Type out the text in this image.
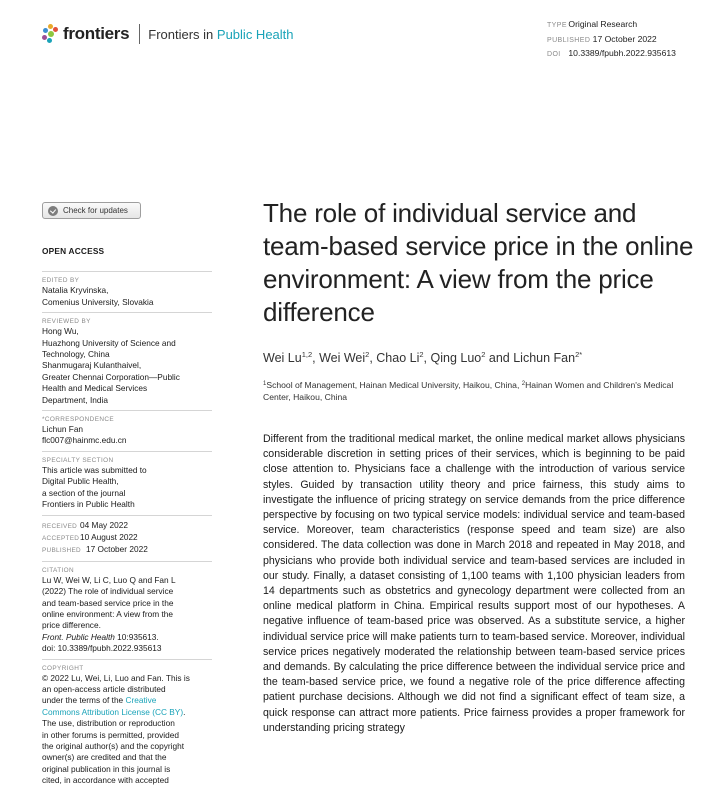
frontiers Frontiers in Public Health
TYPE Original Research
PUBLISHED 17 October 2022
DOI 10.3389/fpubh.2022.935613
Check for updates
OPEN ACCESS
EDITED BY

Natalia Kryvinska,

Comenius University, Slovakia

REVIEWED BY

Hong Wu,

Huazhong University of Science and

Technology, China

Shanmugaraj Kulanthaivel,

Greater Chennai Corporation—Public

Health and Medical Services

Department, India

*CORRESPONDENCE

Lichun Fan

flc007@hainmc.edu.cn

SPECIALTY SECTION

This article was submitted to

Digital Public Health,

a section of the journal

Frontiers in Public Health

RECEIVED 04 May 2022
ACCEPTED10 August 2022
PUBLISHED 17 October 2022
CITATION

Lu W, Wei W, Li C, Luo Q and Fan L

(2022) The role of individual service

and team-based service price in the

online environment: A view from the

price difference.

Front. Public Health 10:935613.

doi: 10.3389/fpubh.2022.935613

COPYRIGHT

© 2022 Lu, Wei, Li, Luo and Fan. This is

an open-access article distributed

under the terms of the Creative

Commons Attribution License (CC BY).

The use, distribution or reproduction

in other forums is permitted, provided

the original author(s) and the copyright

owner(s) are credited and that the

original publication in this journal is

cited, in accordance with accepted

The role of individual service and team-based service price in the online environment: A view from the price difference
Wei Lu$^{1,2}$, Wei Wei$^2$, Chao Li$^2$, Qing Luo$^2$ and Lichun Fan$^{2*}$
$^1$School of Management, Hainan Medical University, Haikou, China, $^2$Hainan Women and Children's Medical Center, Haikou, China

Different from the traditional medical market, the online medical market allows physicians considerable discretion in setting prices of their services, which is beginning to be paid close attention to. Physicians face a challenge with the introduction of various service styles. Guided by transaction utility theory and price fairness, this study aims to investigate the influence of pricing strategy on service demands from the price difference perspective by focusing on two typical service models: individual service and team-based service. Moreover, team characteristics (response speed and team size) are also considered. The data collection was done in March 2018 and repeated in May 2018, and physicians who provide both individual service and team-based services are included in our study. Finally, a dataset consisting of 1,100 teams with 1,100 physician leaders from 14 departments such as obstetrics and gynecology department were collected from an online medical platform in China. Empirical results support most of our hypotheses. A negative influence of team-based price was observed. As a substitute service, a higher individual service price will make patients turn to team-based service. Moreover, individual service prices negatively moderated the relationship between team-based service prices and demands. By calculating the price difference between the individual service price and the team-based service price, we found a negative role of the price difference affecting patient purchase decisions. Although we did not find a significant effect of team size, a quick response can attract more patients. Price fairness provides a proper framework for understanding pricing strategy
